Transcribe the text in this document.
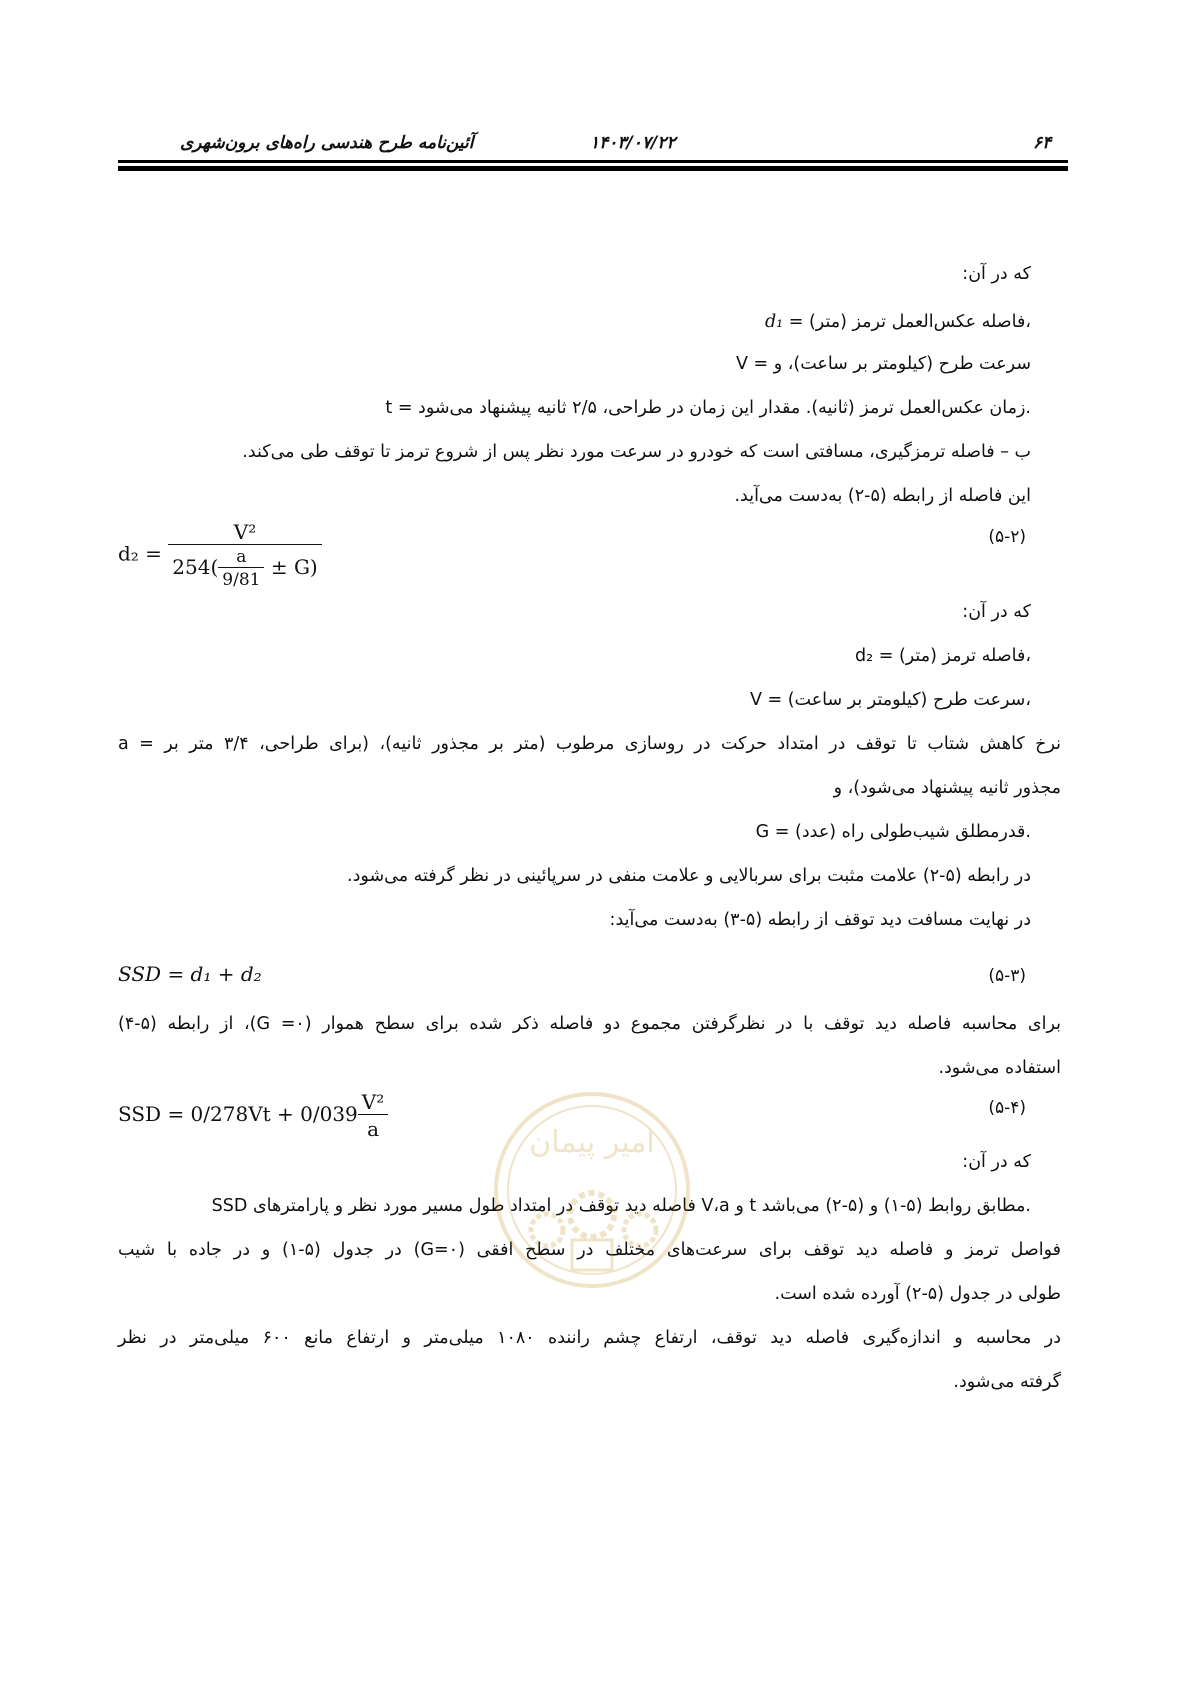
آئین‌نامه طرح هندسی راه‌های برون‌شهری	۱۴۰۳/۰۷/۲۲	۶۴
که در آن:
d₁ = فاصله عکس‌العمل ترمز (متر)،
V = سرعت طرح (کیلومتر بر ساعت)، و
t = زمان عکس‌العمل ترمز (ثانیه). مقدار این زمان در طراحی، ۲/۵ ثانیه پیشنهاد می‌شود.
ب – فاصله ترمزگیری، مسافتی است که خودرو در سرعت مورد نظر پس از شروع ترمز تا توقف طی می‌کند.
این فاصله از رابطه (۵-۲) به‌دست می‌آید.
$d_2 = \frac{\text{V²}}{254( \frac{a}{9/81} \pm G)}$	(۵-۲)
که در آن:
d₂ = فاصله ترمز (متر)،
V = سرعت طرح (کیلومتر بر ساعت)،
a = نرخ کاهش شتاب تا توقف در امتداد حرکت در روسازی مرطوب (متر بر مجذور ثانیه)، (برای طراحی، ۳/۴ متر بر
مجذور ثانیه پیشنهاد می‌شود)، و
G = قدرمطلق شیب‌طولی راه (عدد).
در رابطه (۵-۲) علامت مثبت برای سربالایی و علامت منفی در سرپائینی در نظر گرفته می‌شود.
در نهایت مسافت دید توقف از رابطه (۵-۳) به‌دست می‌آید:
SSD = d₁ + d₂	(۵-۳)
برای محاسبه فاصله دید توقف با در نظرگرفتن مجموع دو فاصله ذکر شده برای سطح هموار (G =۰)، از رابطه (۵-۴)
استفاده می‌شود.
SSD = $0/278Vt + 0/039 \frac{\text{V²}}{a}$	(۵-۴)
که در آن:
SSD فاصله دید توقف در امتداد طول مسیر مورد نظر و پارامترهای V،a و t مطابق روابط (۵-۱) و (۵-۲) می‌باشد.
فواصل ترمز و فاصله دید توقف برای سرعت‌های مختلف در سطح افقی (G=۰) در جدول (۵-۱) و در جاده با شیب
طولی در جدول (۵-۲) آورده شده است.
در محاسبه و اندازه‌گیری فاصله دید توقف، ارتفاع چشم راننده ۱۰۸۰ میلی‌متر و ارتفاع مانع ۶۰۰ میلی‌متر در نظر
گرفته می‌شود.
امیر پیمان
